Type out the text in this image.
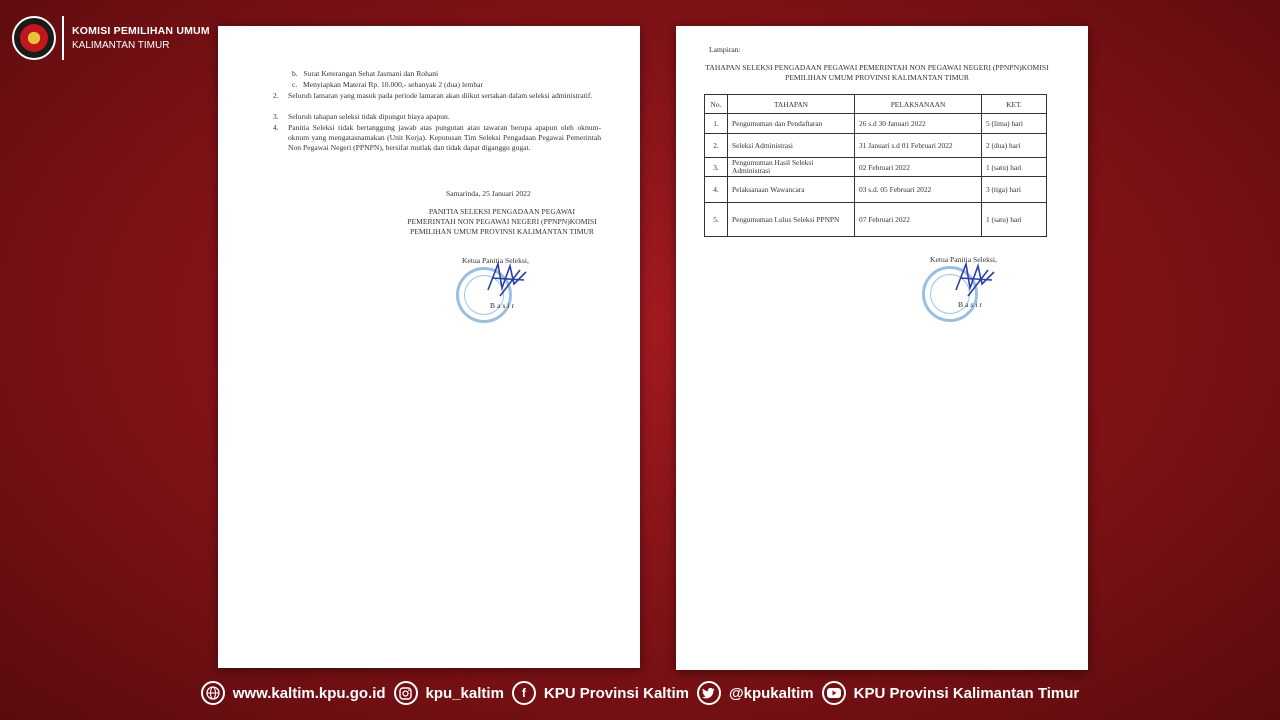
KOMISI PEMILIHAN UMUM
KALIMANTAN TIMUR
b.   Surat Keterangan Sehat Jasmani dan Rohani
c.   Menyiapkan Materai Rp. 10.000,- sebanyak 2 (dua) lembar
2.	Seluruh lamaran yang masuk pada periode lamaran akan diikut sertakan dalam seleksi administratif.
3.	Seluruh tahapan seleksi tidak dipungut biaya apapun.
4.	Panitia Seleksi tidak bertanggung jawab atas pungutan atau tawaran berupa apapun oleh oknum-oknum yang mengatasnamakan (Unit Kerja). Keputusan Tim Seleksi Pengadaan Pegawai Pemerintah Non Pegawai Negeri (PPNPN), bersifat mutlak dan tidak dapat diganggu gugat.
Samarinda, 25 Januari 2022
PANITIA SELEKSI PENGADAAN PEGAWAI PEMERINTAH NON PEGAWAI NEGERI (PPNPN)KOMISI PEMILIHAN UMUM PROVINSI KALIMANTAN TIMUR
Ketua Panitia Seleksi,
Basir
Lampiran:
TAHAPAN SELEKSI PENGADAAN PEGAWAI PEMERINTAH NON PEGAWAI NEGERI (PPNPN)KOMISI PEMILIHAN UMUM PROVINSI KALIMANTAN TIMUR
No.	TAHAPAN	PELAKSANAAN	KET.
1.	Pengumuman dan Pendaftaran	26 s.d 30 Januari 2022	5 (lima) hari
2.	Seleksi Administrasi	31 Januari s.d 01 Februari 2022	2 (dua) hari
3.	Pengumuman Hasil Seleksi Administrasi	02 Februari 2022	1 (satu) hari
4.	Pelaksanaan Wawancara	03 s.d. 05 Februari 2022	3 (tiga) hari
5.	Pengumuman Lulus Seleksi PPNPN	07 Februari 2022	1 (satu) hari
Ketua Panitia Seleksi,
Basir
www.kaltim.kpu.go.id	kpu_kaltim	f	KPU Provinsi Kaltim	@kpukaltim	KPU Provinsi Kalimantan Timur
